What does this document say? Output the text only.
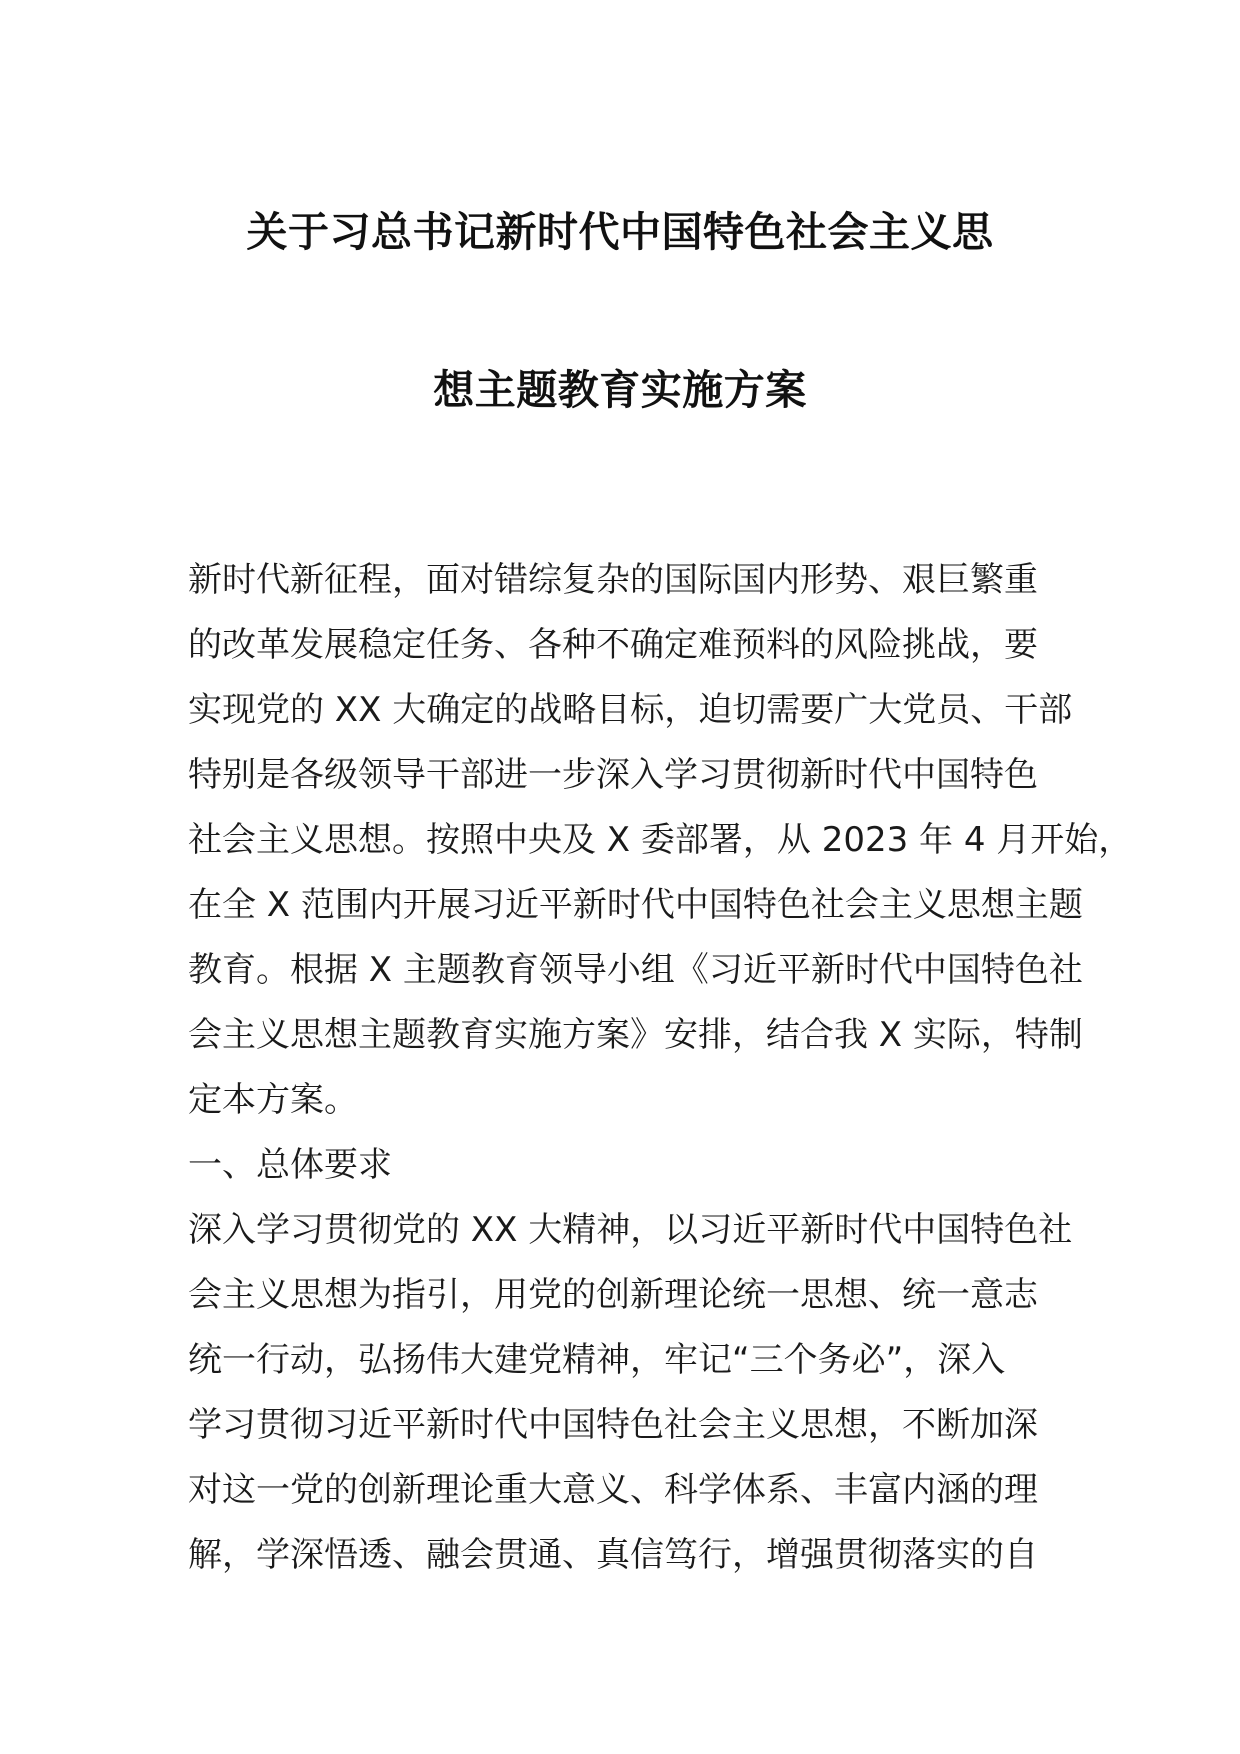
关于习总书记新时代中国特色社会主义思
想主题教育实施方案
新时代新征程，面对错综复杂的国际国内形势、艰巨繁重
的改革发展稳定任务、各种不确定难预料的风险挑战，要
实现党的 XX 大确定的战略目标，迫切需要广大党员、干部
特别是各级领导干部进一步深入学习贯彻新时代中国特色
社会主义思想。按照中央及 X 委部署，从 2023 年 4 月开始，
在全 X 范围内开展习近平新时代中国特色社会主义思想主题
教育。根据 X 主题教育领导小组《习近平新时代中国特色社
会主义思想主题教育实施方案》安排，结合我 X 实际，特制
定本方案。
一、总体要求
深入学习贯彻党的 XX 大精神，以习近平新时代中国特色社
会主义思想为指引，用党的创新理论统一思想、统一意志
统一行动，弘扬伟大建党精神，牢记“三个务必”，深入
学习贯彻习近平新时代中国特色社会主义思想，不断加深
对这一党的创新理论重大意义、科学体系、丰富内涵的理
解，学深悟透、融会贯通、真信笃行，增强贯彻落实的自
